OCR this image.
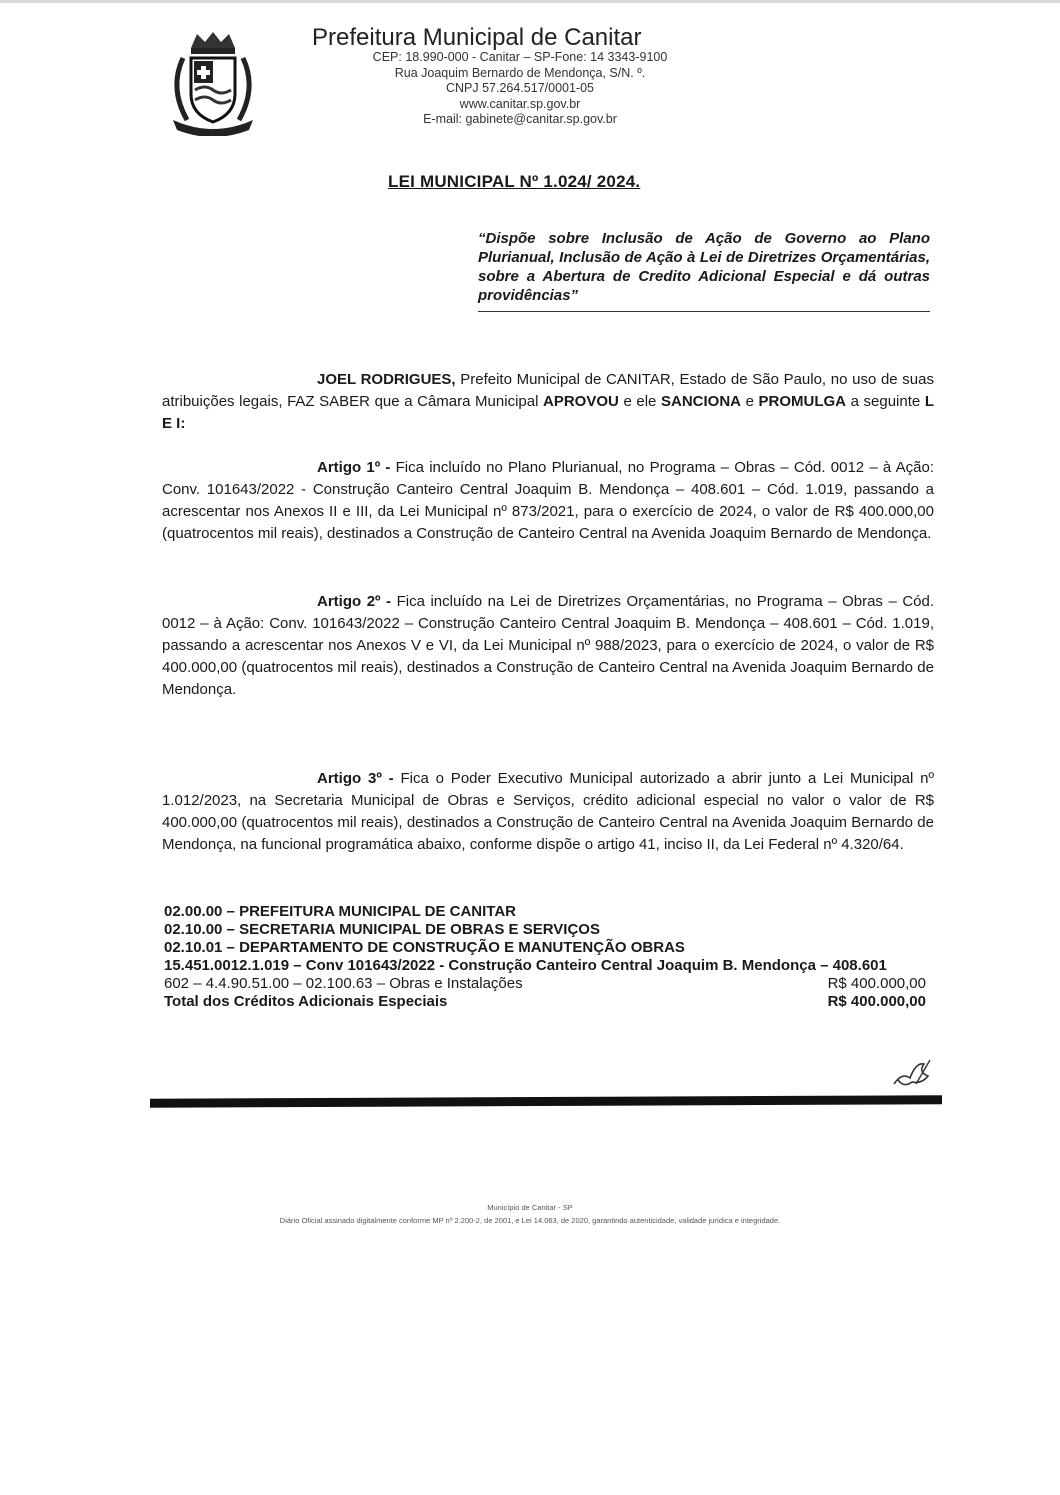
Prefeitura Municipal de Canitar
CEP: 18.990-000 - Canitar – SP-Fone: 14 3343-9100
Rua Joaquim Bernardo de Mendonça, S/N. º.
CNPJ 57.264.517/0001-05
www.canitar.sp.gov.br
E-mail: gabinete@canitar.sp.gov.br
LEI MUNICIPAL Nº 1.024/ 2024.
“Dispõe sobre Inclusão de Ação de Governo ao Plano Plurianual, Inclusão de Ação à Lei de Diretrizes Orçamentárias, sobre a Abertura de Credito Adicional Especial e dá outras providências”
JOEL RODRIGUES, Prefeito Municipal de CANITAR, Estado de São Paulo, no uso de suas atribuições legais, FAZ SABER que a Câmara Municipal APROVOU e ele SANCIONA e PROMULGA a seguinte L E I:
Artigo 1º - Fica incluído no Plano Plurianual, no Programa – Obras – Cód. 0012 – à Ação: Conv. 101643/2022 - Construção Canteiro Central Joaquim B. Mendonça – 408.601 – Cód. 1.019, passando a acrescentar nos Anexos II e III, da Lei Municipal nº 873/2021, para o exercício de 2024, o valor de R$ 400.000,00 (quatrocentos mil reais), destinados a Construção de Canteiro Central na Avenida Joaquim Bernardo de Mendonça.
Artigo 2º - Fica incluído na Lei de Diretrizes Orçamentárias, no Programa – Obras – Cód. 0012 – à Ação: Conv. 101643/2022 – Construção Canteiro Central Joaquim B. Mendonça – 408.601 – Cód. 1.019, passando a acrescentar nos Anexos V e VI, da Lei Municipal nº 988/2023, para o exercício de 2024, o valor de R$ 400.000,00 (quatrocentos mil reais), destinados a Construção de Canteiro Central na Avenida Joaquim Bernardo de Mendonça.
Artigo 3º - Fica o Poder Executivo Municipal autorizado a abrir junto a Lei Municipal nº 1.012/2023, na Secretaria Municipal de Obras e Serviços, crédito adicional especial no valor o valor de R$ 400.000,00 (quatrocentos mil reais), destinados a Construção de Canteiro Central na Avenida Joaquim Bernardo de Mendonça, na funcional programática abaixo, conforme dispõe o artigo 41, inciso II, da Lei Federal nº 4.320/64.
02.00.00 – PREFEITURA MUNICIPAL DE CANITAR
02.10.00 – SECRETARIA MUNICIPAL DE OBRAS E SERVIÇOS
02.10.01 – DEPARTAMENTO DE CONSTRUÇÃO E MANUTENÇÃO OBRAS
15.451.0012.1.019 – Conv 101643/2022 - Construção Canteiro Central Joaquim B. Mendonça – 408.601
602 – 4.4.90.51.00 – 02.100.63 – Obras e Instalações	R$ 400.000,00
Total dos Créditos Adicionais Especiais	R$ 400.000,00
Município de Canitar - SP
Diário Oficial assinado digitalmente conforme MP nº 2.200-2, de 2001, e Lei 14.063, de 2020, garantindo autenticidade, validade jurídica e integridade.
